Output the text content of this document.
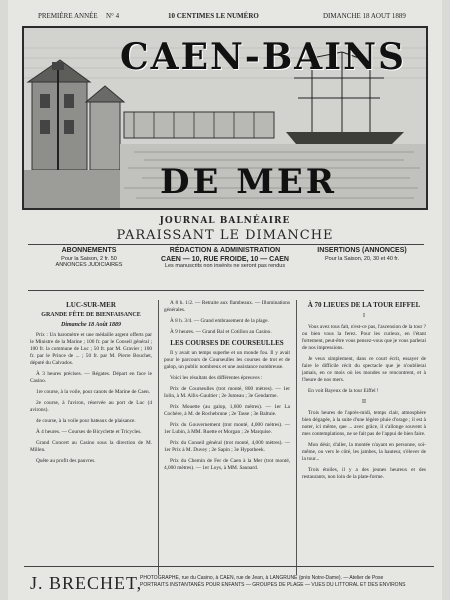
PREMIÈRE ANNÉE N° 4	10 CENTIMES LE NUMÉRO	DIMANCHE 18 AOUT 1889
CAEN-BAINS
DE MER
JOURNAL BALNÉAIRE
PARAISSANT LE DIMANCHE
ABONNEMENTS
Pour la Saison, 2 fr. 50
ANNONCES JUDICIAIRES
RÉDACTION & ADMINISTRATION
CAEN — 10, RUE FROIDE, 10 — CAEN
Les manuscrits non insérés ne seront pas rendus
INSERTIONS (ANNONCES)
Pour la Saison, 20, 30 et 40 fr.
LUC-SUR-MER
GRANDE FÊTE DE BIENFAISANCE
Dimanche 18 Août 1889

Prix : Un baromètre et une médaille argent offerts par le Ministre de la Marine ; 100 fr. par le Conseil général ; 100 fr. la commune de Luc ; 50 fr. par M. Gravier ; 100 fr. par le Prince de ... ; 50 fr. par M. Pierre Bouchet, député du Calvados.

À 3 heures précises. — Régates. Départ en face le Casino.

1re course, à la voile, pour canots de Marine de Caen.

2e course, à l'aviron, réservée au port de Luc (4 avirons).

4e course, à la voile pour bateaux de plaisance.

À 4 heures. — Courses de Bicyclette et Tricycles.

Grand Concert au Casino sous la direction de M. Millen.

Quête au profit des pauvres.

À 8 h. 1/2. — Retraite aux flambeaux. — Illuminations générales.

À 8 h. 3/4. — Grand embrasement de la plage.

À 9 heures. — Grand Bal et Cotillon au Casino.

LES COURSES DE COURSEULLES

Il y avait un temps superbe et un monde fou. Il y avait pour le parcours de Courseulles les courses de trot et de galop, un public nombreux et une assistance nombreuse.

Voici les résultats des différentes épreuves :

Prix de Courseulles (trot monté, 800 mètres). — 1er Iolin, à M. Allix-Gaultier ; 2e Jumeau ; 3e Gendarme.

Prix Mouette (au galop, 1,600 mètres). — 1er La Cochère, à M. de Rochebrune ; 2e Tasse ; 3e Baltuie.

Prix du Gouvernement (trot monté, 4,000 mètres). — 1er Lubin, à MM. Ruette et Morgan ; 2e Marquise.

Prix du Conseil général (trot monté, 4,000 mètres). — 1er Prix à M. Duvey ; 2e Sapin ; 3e Hypotheek.

Prix du Chemin de Fer de Caen à la Mer (trot monté, 4,000 mètres). — 1er Loys, à MM. Saunard.

À 70 LIEUES DE LA TOUR EIFFEL
I

Vous avez tous fait, n'est-ce pas, l'ascension de la tour ? ou bien vous la ferez. Pour les curieux, en l'étant fortement, peut-être vous pensez-vous que je vous parlerai de nos impressions.

Je veux simplement, dans ce court écrit, essayer de faire le difficile récit du spectacle que je n'oublierai jamais, en ce mois où les mondes se rencontrent, et à l'heure de nos mers.

En voit Bayeux de la tour Eiffel !

II

Trois heures de l'après-midi, temps clair, atmosphère bien dégagée, à la suite d'une légère pluie d'orage ; il est à noter, ici même, que ... avec grâce, il s'allonge souvent à mes contemplations, ne se fait pas de l'appui de bien faire.

Mon désir, d'aller, la montée n'ayant en personne, soi-même, ou vers le côté, les jambes, la hauteur, s'élever de la tour...

Trois étoiles, il y a des jeunes heureux et des restaurants, non loin de la plate-forme.

J. BRECHET,
PHOTOGRAPHE, rue du Casino, à CAEN, rue de Jean, à LANGRUNE (près Notre-Dame). — Atelier de Pose
PORTRAITS INSTANTANÉS POUR ENFANTS — GROUPES DE PLAGE — VUES DU LITTORAL ET DES ENVIRONS
